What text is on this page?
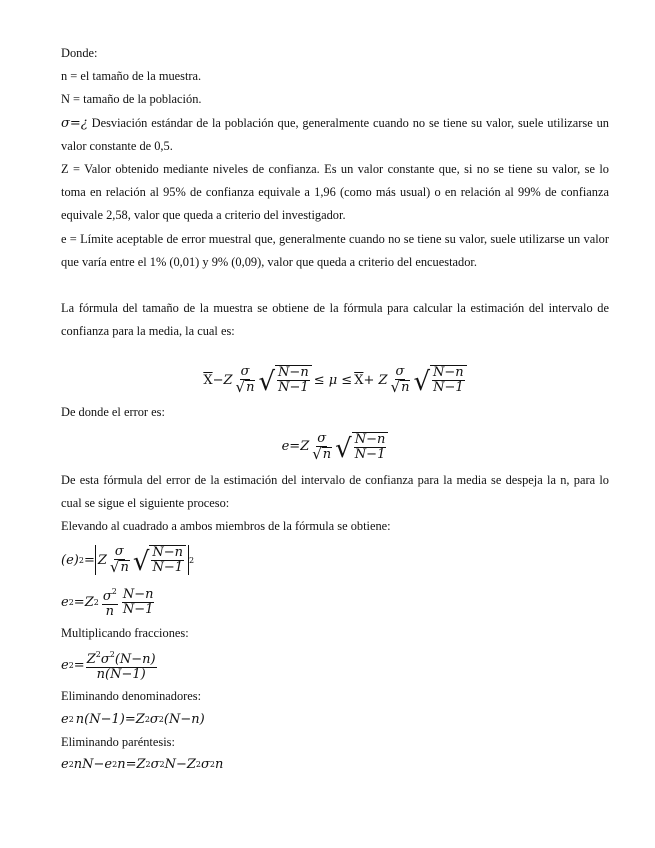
Donde:

n = el tamaño de la muestra.

N = tamaño de la población.

σ=¿ Desviación estándar de la población que, generalmente cuando no se tiene su valor, suele utilizarse un valor constante de 0,5.

Z = Valor obtenido mediante niveles de confianza. Es un valor constante que, si no se tiene su valor, se lo toma en relación al 95% de confianza equivale a 1,96 (como más usual) o en relación al 99% de confianza equivale 2,58, valor que queda a criterio del investigador.

e = Límite aceptable de error muestral que, generalmente cuando no se tiene su valor, suele utilizarse un valor que varía entre el 1% (0,01) y 9% (0,09), valor que queda a criterio del encuestador.

La fórmula del tamaño de la muestra se obtiene de la fórmula para calcular la estimación del intervalo de confianza para la media, la cual es:

$\overline{X} -Z \frac{\sigma}{√ n}$ √ $\frac{N-n}{N-1} \le \mu \le \overline{X} + Z \frac{\sigma}{√ n}$ √ $\frac{N-n}{N-1}$

De donde el error es:

$e=Z \frac{\sigma}{√ n}$ √ $\frac{N-n}{N-1}$

De esta fórmula del error de la estimación del intervalo de confianza para la media se despeja la n, para lo cual se sigue el siguiente proceso:

Elevando al cuadrado a ambos miembros de la fórmula se obtiene:

(e) 2 = Z $\frac{\sigma}{√ n}$ √ $\frac{N-n}{N-1} 2$
e 2 = Z $2 \frac{\sigma^2}{n} \frac{N-n}{N-1}$

Multiplicando fracciones:

e $2 = \frac{Z^2\sigma^2(N-n)}{n(N-1)}$

Eliminando denominadores:

e 2 n (N−1) = Z 2 σ 2 (N−n)

Eliminando paréntesis:

e 2 nN−e 2 n=Z 2 σ 2 N−Z 2 σ 2 n
